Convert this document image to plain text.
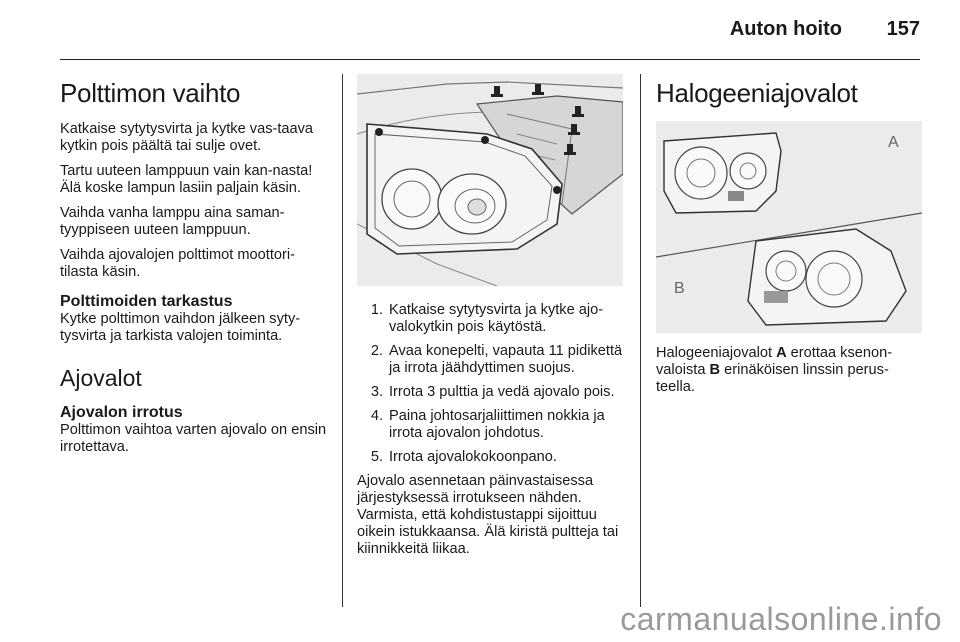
Auton hoito 157
Polttimon vaihto

Katkaise sytytysvirta ja kytke vas-taava kytkin pois päältä tai sulje ovet.

Tartu uuteen lamppuun vain kan-nasta! Älä koske lampun lasiin paljain käsin.

Vaihda vanha lamppu aina saman-tyyppiseen uuteen lamppuun.

Vaihda ajovalojen polttimot moottori-tilasta käsin.

Polttimoiden tarkastus

Kytke polttimon vaihdon jälkeen syty-tysvirta ja tarkista valojen toiminta.

Ajovalot
Ajovalon irrotus

Polttimon vaihtoa varten ajovalo on ensin irrotettava.

1. Katkaise sytytysvirta ja kytke ajo-valokytkin pois käytöstä.
2. Avaa konepelti, vapauta 11 pidikettä ja irrota jäähdyttimen suojus.
3. Irrota 3 pulttia ja vedä ajovalo pois.
4. Paina johtosarjaliittimen nokkia ja irrota ajovalon johdotus.
5. Irrota ajovalokokoonpano.

Ajovalo asennetaan päinvastaisessa järjestyksessä irrotukseen nähden. Varmista, että kohdistustappi sijoittuu oikein istukkaansa. Älä kiristä pultteja tai kiinnikkeitä liikaa.

Halogeeniajovalot
A
B

Halogeeniajovalot A erottaa ksenon-valoista B erinäköisen linssin perus-teella.

carmanualsonline.info
